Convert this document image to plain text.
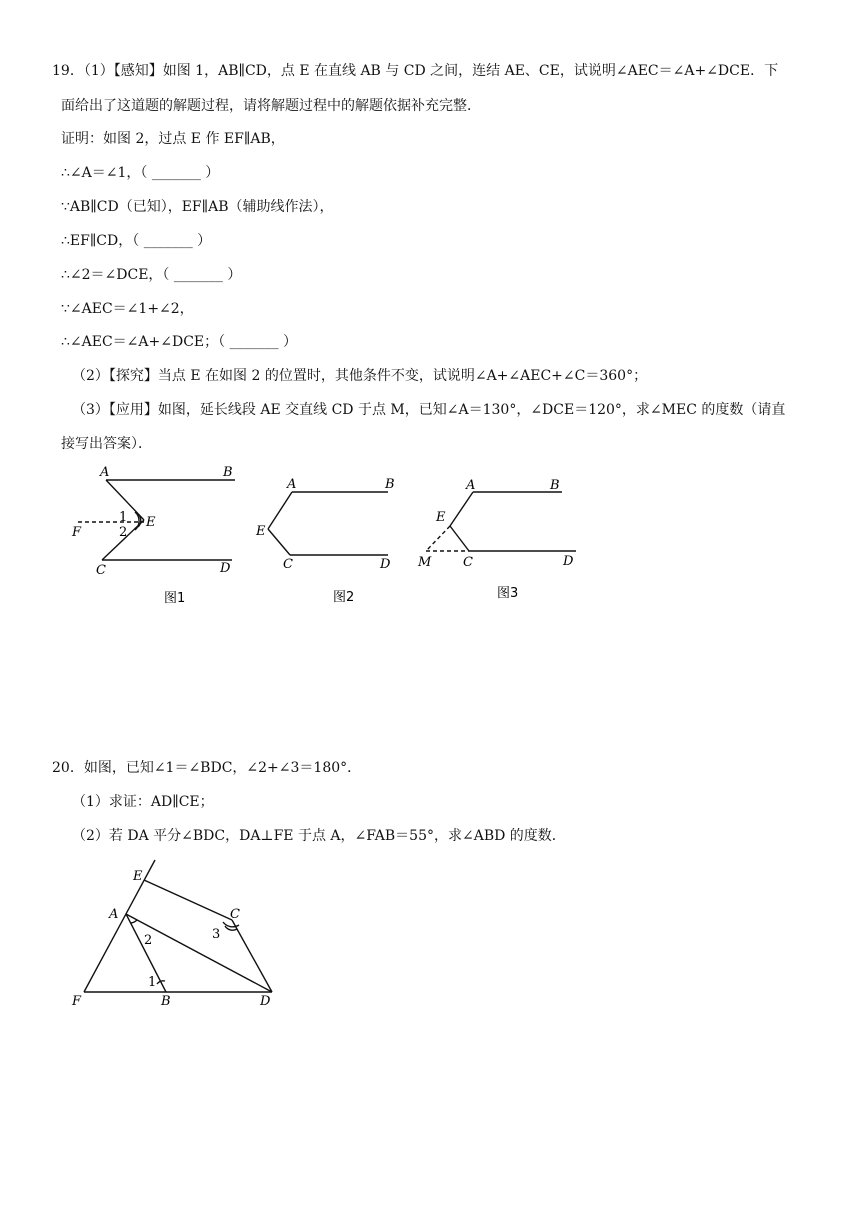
19．（1）【感知】如图 1，AB∥CD，点 E 在直线 AB 与 CD 之间，连结 AE、CE，试说明∠AEC＝∠A+∠DCE．下
面给出了这道题的解题过程，请将解题过程中的解题依据补充完整．
证明：如图 2，过点 E 作 EF∥AB，
∴∠A＝∠1，（ _______ ）
∵AB∥CD（已知），EF∥AB（辅助线作法），
∴EF∥CD，（ _______ ）
∴∠2＝∠DCE，（ _______ ）
∵∠AEC＝∠1+∠2，
∴∠AEC＝∠A+∠DCE；（ _______ ）
（2）【探究】当点 E 在如图 2 的位置时，其他条件不变，试说明∠A+∠AEC+∠C＝360°；
（3）【应用】如图，延长线段 AE 交直线 CD 于点 M，已知∠A＝130°，∠DCE＝120°，求∠MEC 的度数（请直
接写出答案）．
A	B
C	D
E
F
1
2
图1
A	B
C	D
E
图2
A	B
C	D
E
M
图3
20．如图，已知∠1＝∠BDC，∠2+∠3＝180°．
（1）求证：AD∥CE；
（2）若 DA 平分∠BDC，DA⊥FE 于点 A，∠FAB＝55°，求∠ABD 的度数．
E
A	C
F	B	D
2
1
3
